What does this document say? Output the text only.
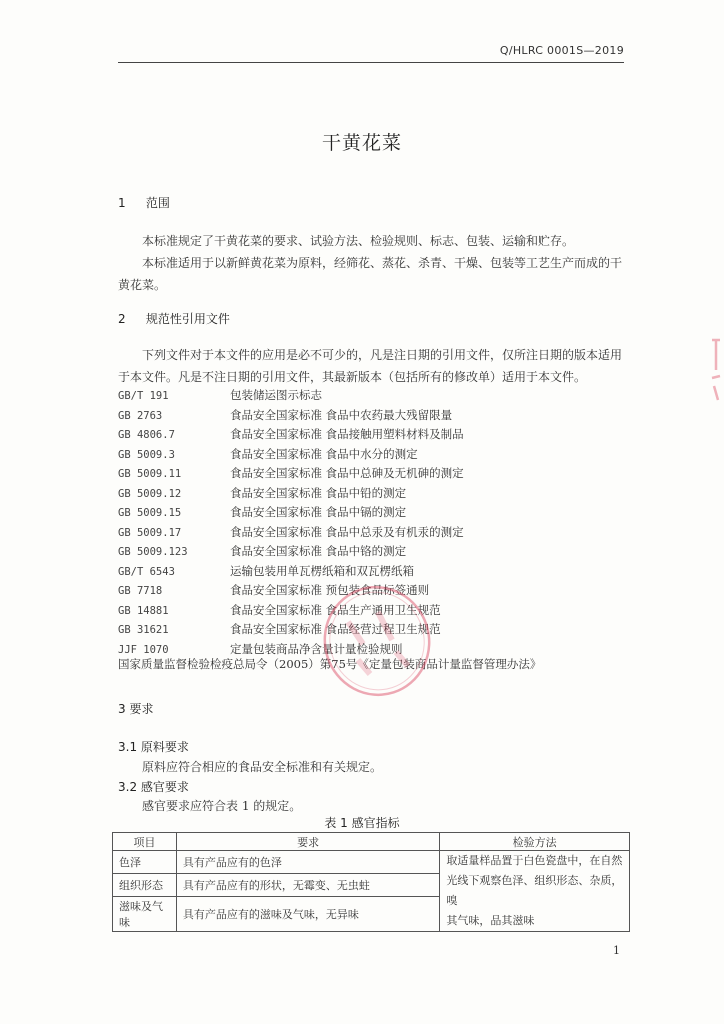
Q/HLRC 0001S—2019
干黄花菜
1 范围
本标准规定了干黄花菜的要求、试验方法、检验规则、标志、包装、运输和贮存。
本标准适用于以新鲜黄花菜为原料，经筛花、蒸花、杀青、干燥、包装等工艺生产而成的干黄花菜。
2 规范性引用文件
下列文件对于本文件的应用是必不可少的，凡是注日期的引用文件，仅所注日期的版本适用于本文件。凡是不注日期的引用文件，其最新版本（包括所有的修改单）适用于本文件。
GB/T 191	包装储运图示标志
GB 2763	食品安全国家标准 食品中农药最大残留限量
GB 4806.7	食品安全国家标准 食品接触用塑料材料及制品
GB 5009.3	食品安全国家标准 食品中水分的测定
GB 5009.11	食品安全国家标准 食品中总砷及无机砷的测定
GB 5009.12	食品安全国家标准 食品中铅的测定
GB 5009.15	食品安全国家标准 食品中镉的测定
GB 5009.17	食品安全国家标准 食品中总汞及有机汞的测定
GB 5009.123	食品安全国家标准 食品中铬的测定
GB/T 6543	运输包装用单瓦楞纸箱和双瓦楞纸箱
GB 7718	食品安全国家标准 预包装食品标签通则
GB 14881	食品安全国家标准 食品生产通用卫生规范
GB 31621	食品安全国家标准 食品经营过程卫生规范
JJF 1070	定量包装商品净含量计量检验规则
国家质量监督检验检疫总局令（2005）第75号《定量包装商品计量监督管理办法》
3 要求
3.1 原料要求
原料应符合相应的食品安全标准和有关规定。
3.2 感官要求
感官要求应符合表 1 的规定。
表 1 感官指标
项目	要求	检验方法
色泽	具有产品应有的色泽	取适量样品置于白色瓷盘中，在自然
光线下观察色泽、组织形态、杂质，嗅
其气味，品其滋味

组织形态	具有产品应有的形状，无霉变、无虫蛀	
滋味及气味	具有产品应有的滋味及气味，无异味	
1
